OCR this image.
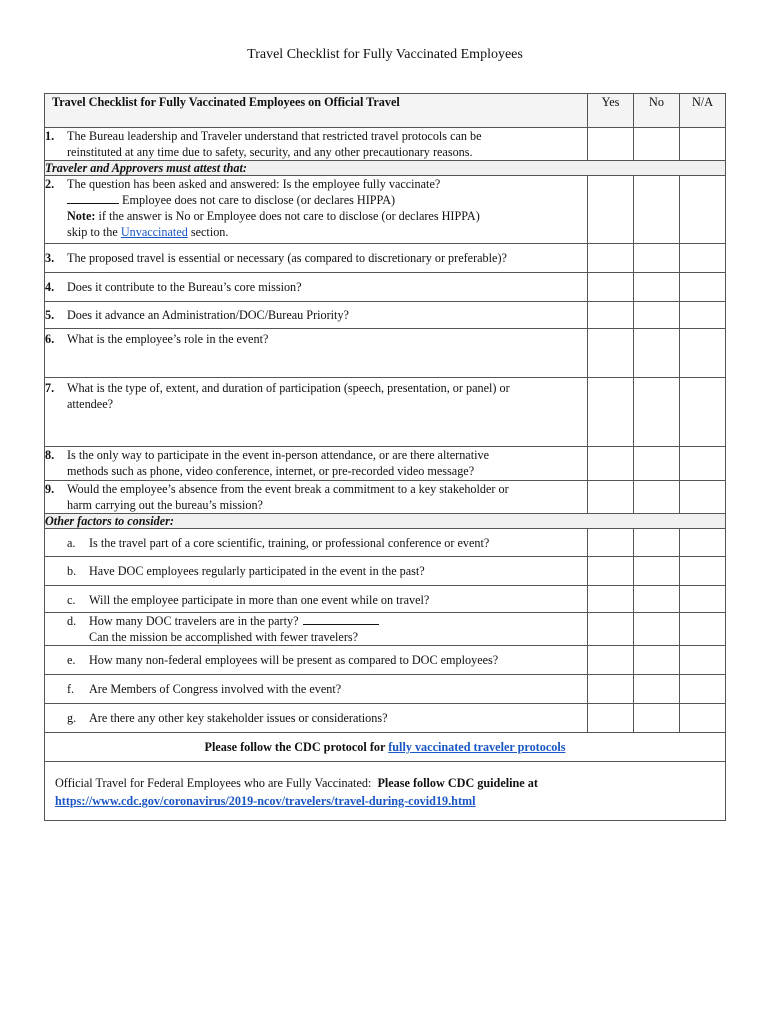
Travel Checklist for Fully Vaccinated Employees
Travel Checklist for Fully Vaccinated Employees on Official Travel	Yes	No	N/A
1. The Bureau leadership and Traveler understand that restricted travel protocols can be
reinstituted at any time due to safety, security, and any other precautionary reasons.			
Traveler and Approvers must attest that:			
2. The question has been asked and answered: Is the employee fully vaccinate?
Employee does not care to disclose (or declares HIPPA)
Note: if the answer is No or Employee does not care to disclose (or declares HIPPA)
skip to the Unvaccinated section.			
3. The proposed travel is essential or necessary (as compared to discretionary or preferable)?			
4. Does it contribute to the Bureau’s core mission?			
5. Does it advance an Administration/DOC/Bureau Priority?			
6. What is the employee’s role in the event?			
7. What is the type of, extent, and duration of participation (speech, presentation, or panel) or
attendee?			
8. Is the only way to participate in the event in-person attendance, or are there alternative
methods such as phone, video conference, internet, or pre-recorded video message?			
9. Would the employee’s absence from the event break a commitment to a key stakeholder or
harm carrying out the bureau’s mission?			
Other factors to consider:			
a. Is the travel part of a core scientific, training, or professional conference or event?			
b. Have DOC employees regularly participated in the event in the past?			
c. Will the employee participate in more than one event while on travel?			
d. How many DOC travelers are in the party?
Can the mission be accomplished with fewer travelers?			
e. How many non-federal employees will be present as compared to DOC employees?			
f. Are Members of Congress involved with the event?			
g. Are there any other key stakeholder issues or considerations?			
Please follow the CDC protocol for fully vaccinated traveler protocols			
Official Travel for Federal Employees who are Fully Vaccinated: Please follow CDC guideline at
https://www.cdc.gov/coronavirus/2019-ncov/travelers/travel-during-covid19.html			
